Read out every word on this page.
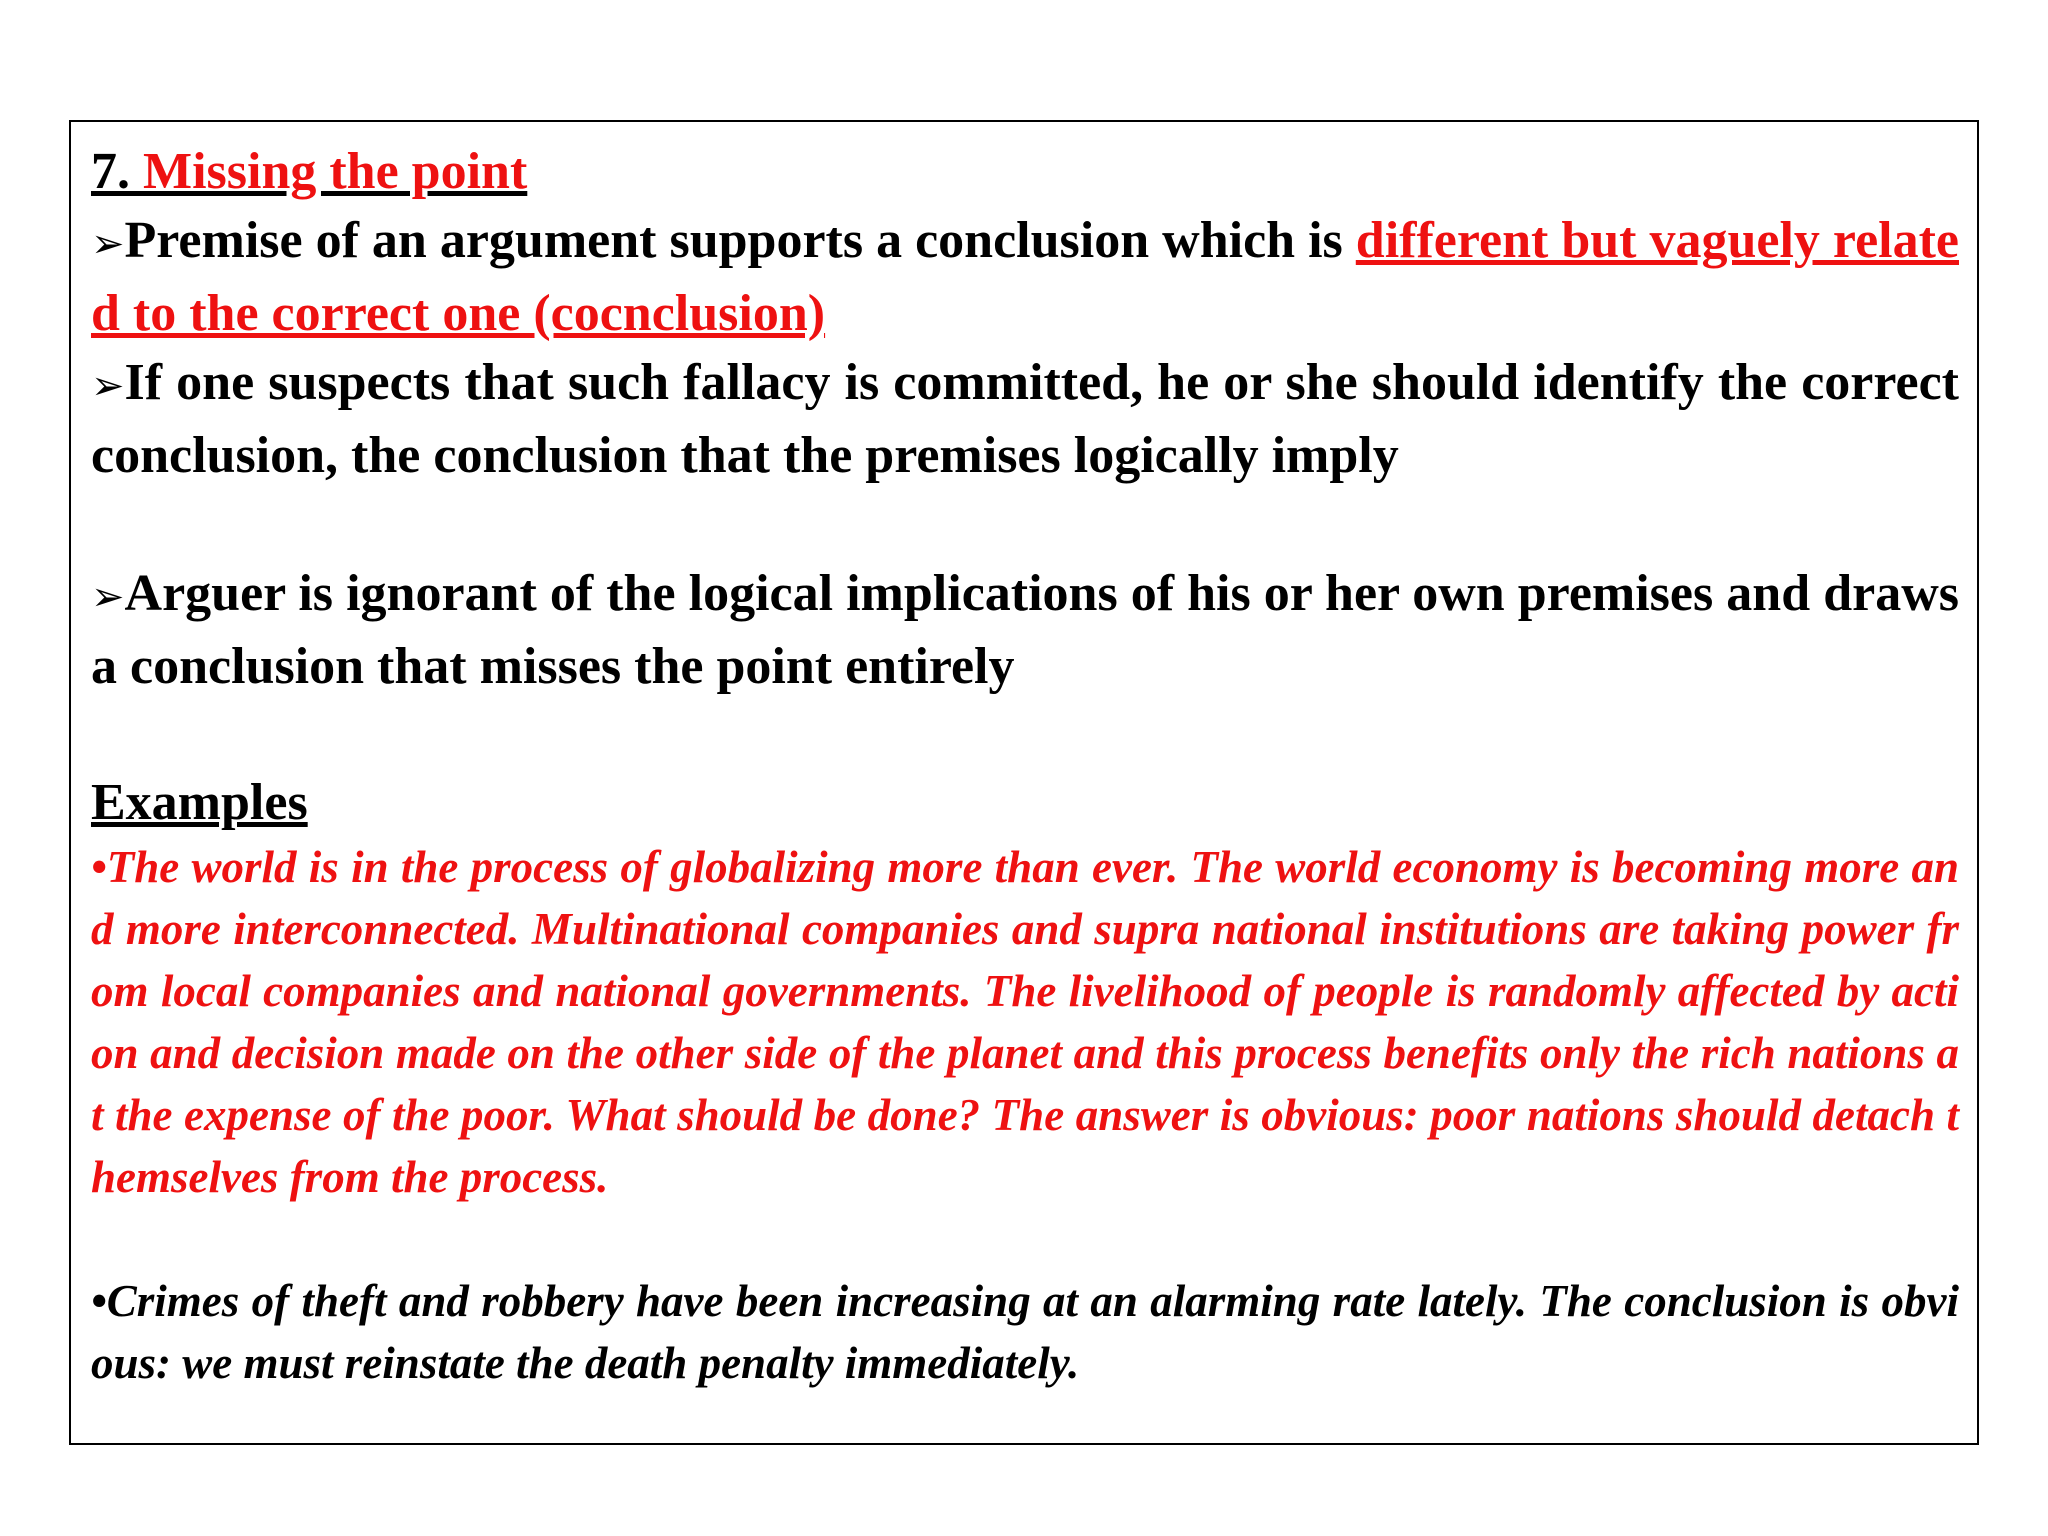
7. Missing the point

➢Premise of an argument supports a conclusion which is different but vaguely related to the correct one (cocnclusion)

➢If one suspects that such fallacy is committed, he or she should identify the correct conclusion, the conclusion that the premises logically imply

➢Arguer is ignorant of the logical implications of his or her own premises and draws a conclusion that misses the point entirely

Examples

•The world is in the process of globalizing more than ever. The world economy is becoming more and more interconnected. Multinational companies and supra national institutions are taking power from local companies and national governments. The livelihood of people is randomly affected by action and decision made on the other side of the planet and this process benefits only the rich nations at the expense of the poor. What should be done? The answer is obvious: poor nations should detach themselves from the process.

•Crimes of theft and robbery have been increasing at an alarming rate lately. The conclusion is obvious: we must reinstate the death penalty immediately.
